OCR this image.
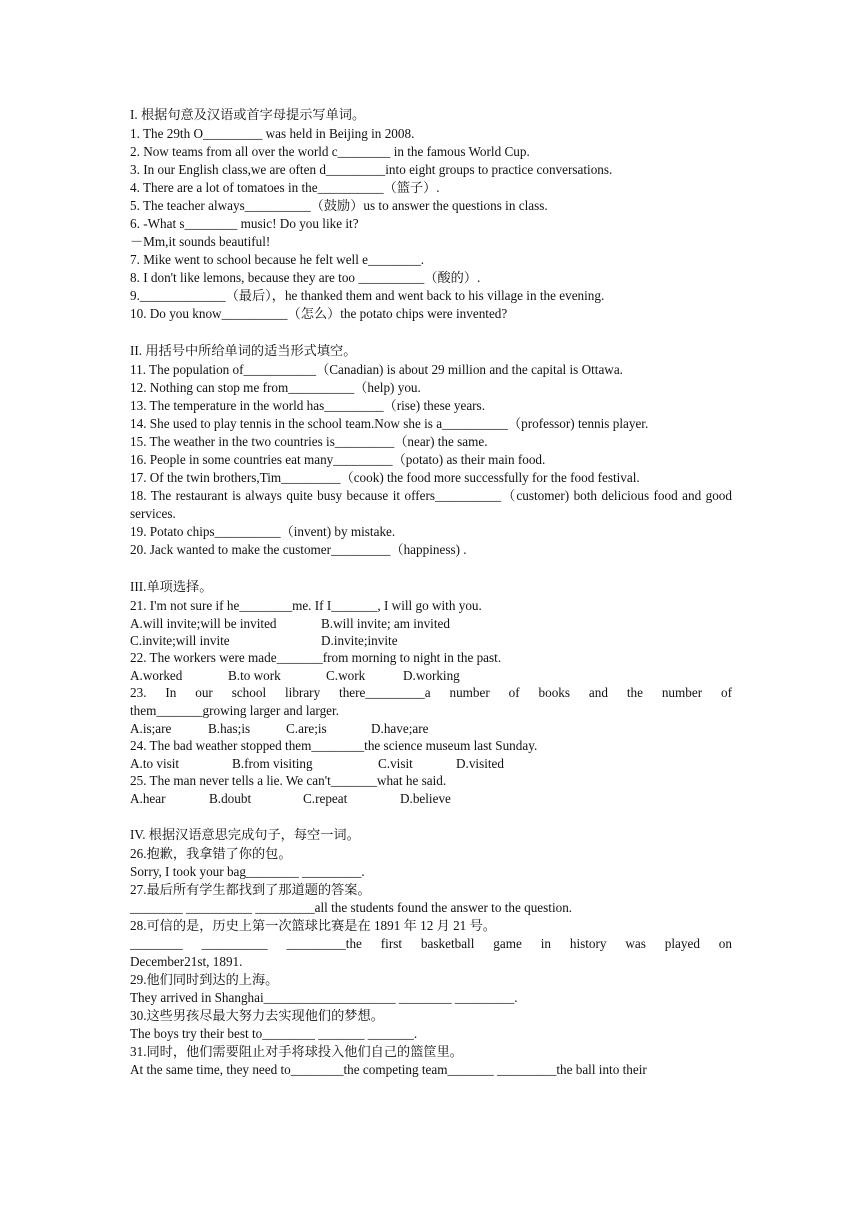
I. 根据句意及汉语或首字母提示写单词。
1. The 29th O_________ was held in Beijing in 2008.
2. Now teams from all over the world c________ in the famous World Cup.
3. In our English class,we are often d_________into eight groups to practice conversations.
4. There are a lot of tomatoes in the__________（篮子）.
5. The teacher always__________（鼓励）us to answer the questions in class.
6. -What s________ music! Do you like it?
－Mm,it sounds beautiful!
7. Mike went to school because he felt well e________.
8. I don't like lemons, because they are too __________（酸的）.
9._____________（最后），he thanked them and went back to his village in the evening.
10. Do you know__________（怎么）the potato chips were invented?
II. 用括号中所给单词的适当形式填空。
11. The population of___________（Canadian) is about 29 million and the capital is Ottawa.
12. Nothing can stop me from__________（help) you.
13. The temperature in the world has_________（rise) these years.
14. She used to play tennis in the school team.Now she is a__________（professor) tennis player.
15. The weather in the two countries is_________（near) the same.
16. People in some countries eat many_________（potato) as their main food.
17. Of the twin brothers,Tim_________（cook) the food more successfully for the food festival.
18. The restaurant is always quite busy because it offers__________（customer) both delicious food and good services.
19. Potato chips__________（invent) by mistake.
20. Jack wanted to make the customer_________（happiness) .
III.单项选择。
21. I'm not sure if he________me. If I_______, I will go with you.
A.will invite;will be invited	B.will invite; am invited
C.invite;will invite	D.invite;invite
22. The workers were made_______from morning to night in the past.
A.worked	B.to work	C.work	D.working
23. In our school library there_________a number of books and the number of
them_______growing larger and larger.
A.is;are	B.has;is	C.are;is	D.have;are
24. The bad weather stopped them________the science museum last Sunday.
A.to visit	B.from visiting	C.visit	D.visited
25. The man never tells a lie. We can't_______what he said.
A.hear	B.doubt	C.repeat	D.believe
IV. 根据汉语意思完成句子，每空一词。
26.抱歉，我拿错了你的包。
Sorry, I took your bag________ _________.
27.最后所有学生都找到了那道题的答案。
________ __________ _________all the students found the answer to the question.
28.可信的是，历史上第一次篮球比赛是在 1891 年 12 月 21 号。
________ __________ _________the first basketball game in history was played on
December21st, 1891.
29.他们同时到达的上海。
They arrived in Shanghai____________________ ________ _________.
30.这些男孩尽最大努力去实现他们的梦想。
The boys try their best to________ _______ _______.
31.同时，他们需要阻止对手将球投入他们自己的篮筐里。
At the same time, they need to________the competing team_______ _________the ball into their
